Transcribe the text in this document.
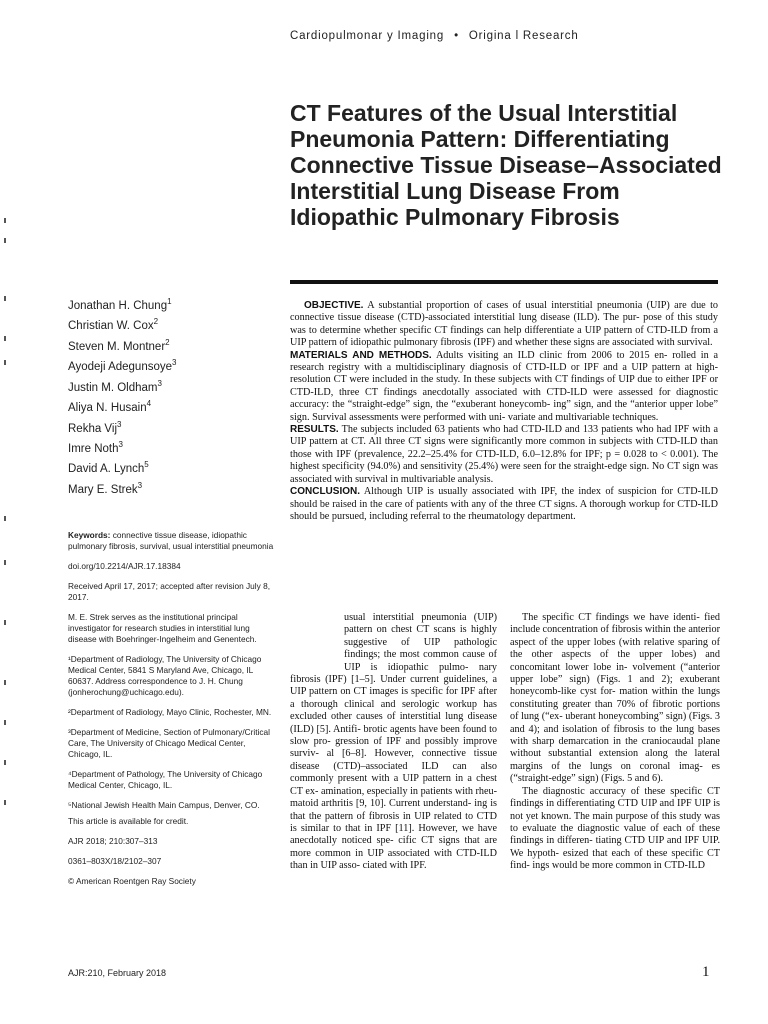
Cardiopulmonar y Imaging • Origina l Research
CT Features of the Usual Interstitial Pneumonia Pattern: Differentiating Connective Tissue Disease–Associated Interstitial Lung Disease From Idiopathic Pulmonary Fibrosis
Jonathan H. Chung$^1$
Christian W. Cox$^2$
Steven M. Montner$^2$
Ayodeji Adegunsoye$^3$
Justin M. Oldham$^3$
Aliya N. Husain$^4$
Rekha Vij$^3$
Imre Noth$^3$
David A. Lynch$^5$
Mary E. Strek$^3$

Keywords: connective tissue disease, idiopathic pulmonary fibrosis, survival, usual interstitial pneumonia

doi.org/10.2214/AJR.17.18384

Received April 17, 2017; accepted after revision July 8, 2017.

M. E. Strek serves as the institutional principal investigator for research studies in interstitial lung disease with Boehringer-Ingelheim and Genentech.

¹Department of Radiology, The University of Chicago Medical Center, 5841 S Maryland Ave, Chicago, IL 60637. Address correspondence to J. H. Chung (jonherochung@uchicago.edu).

²Department of Radiology, Mayo Clinic, Rochester, MN.

³Department of Medicine, Section of Pulmonary/Critical Care, The University of Chicago Medical Center, Chicago, IL.

⁴Department of Pathology, The University of Chicago Medical Center, Chicago, IL.

⁵National Jewish Health Main Campus, Denver, CO.

This article is available for credit.

AJR 2018; 210:307–313

0361–803X/18/2102–307

© American Roentgen Ray Society

OBJECTIVE. A substantial proportion of cases of usual interstitial pneumonia (UIP) are due to connective tissue disease (CTD)-associated interstitial lung disease (ILD). The pur- pose of this study was to determine whether specific CT findings can help differentiate a UIP pattern of CTD-ILD from a UIP pattern of idiopathic pulmonary fibrosis (IPF) and whether these signs are associated with survival.

MATERIALS AND METHODS. Adults visiting an ILD clinic from 2006 to 2015 en- rolled in a research registry with a multidisciplinary diagnosis of CTD-ILD or IPF and a UIP pattern at high-resolution CT were included in the study. In these subjects with CT findings of UIP due to either IPF or CTD-ILD, three CT findings anecdotally associated with CTD-ILD were assessed for diagnostic accuracy: the “straight-edge” sign, the “exuberant honeycomb- ing” sign, and the “anterior upper lobe” sign. Survival assessments were performed with uni- variate and multivariable techniques.

RESULTS. The subjects included 63 patients who had CTD-ILD and 133 patients who had IPF with a UIP pattern at CT. All three CT signs were significantly more common in subjects with CTD-ILD than those with IPF (prevalence, 22.2–25.4% for CTD-ILD, 6.0–12.8% for IPF; p = 0.028 to < 0.001). The highest specificity (94.0%) and sensitivity (25.4%) were seen for the straight-edge sign. No CT sign was associated with survival in multivariable analysis.

CONCLUSION. Although UIP is usually associated with IPF, the index of suspicion for CTD-ILD should be raised in the care of patients with any of the three CT signs. A thorough workup for CTD-ILD should be pursued, including referral to the rheumatology department.

usual interstitial pneumonia (UIP) pattern on chest CT scans is highly suggestive of UIP pathologic findings; the most common cause of UIP is idiopathic pulmo- nary fibrosis (IPF) [1–5]. Under current guidelines, a UIP pattern on CT images is specific for IPF after a thorough clinical and serologic workup has excluded other causes of interstitial lung disease (ILD) [5]. Antifi- brotic agents have been found to slow pro- gression of IPF and possibly improve surviv- al [6–8]. However, connective tissue disease (CTD)–associated ILD can also commonly present with a UIP pattern in a chest CT ex- amination, especially in patients with rheu- matoid arthritis [9, 10]. Current understand- ing is that the pattern of fibrosis in UIP related to CTD is similar to that in IPF [11]. However, we have anecdotally noticed spe- cific CT signs that are more common in UIP associated with CTD-ILD than in UIP asso- ciated with IPF.

The specific CT findings we have identi- fied include concentration of fibrosis within the anterior aspect of the upper lobes (with relative sparing of the other aspects of the upper lobes) and concomitant lower lobe in- volvement (“anterior upper lobe” sign) (Figs. 1 and 2); exuberant honeycomb-like cyst for- mation within the lungs constituting greater than 70% of fibrotic portions of lung (“ex- uberant honeycombing” sign) (Figs. 3 and 4); and isolation of fibrosis to the lung bases with sharp demarcation in the craniocaudal plane without substantial extension along the lateral margins of the lungs on coronal imag- es (“straight-edge” sign) (Figs. 5 and 6).

The diagnostic accuracy of these specific CT findings in differentiating CTD UIP and IPF UIP is not yet known. The main purpose of this study was to evaluate the diagnostic value of each of these findings in differen- tiating CTD UIP and IPF UIP. We hypoth- esized that each of these specific CT find- ings would be more common in CTD-ILD

AJR:210, February 2018	1
